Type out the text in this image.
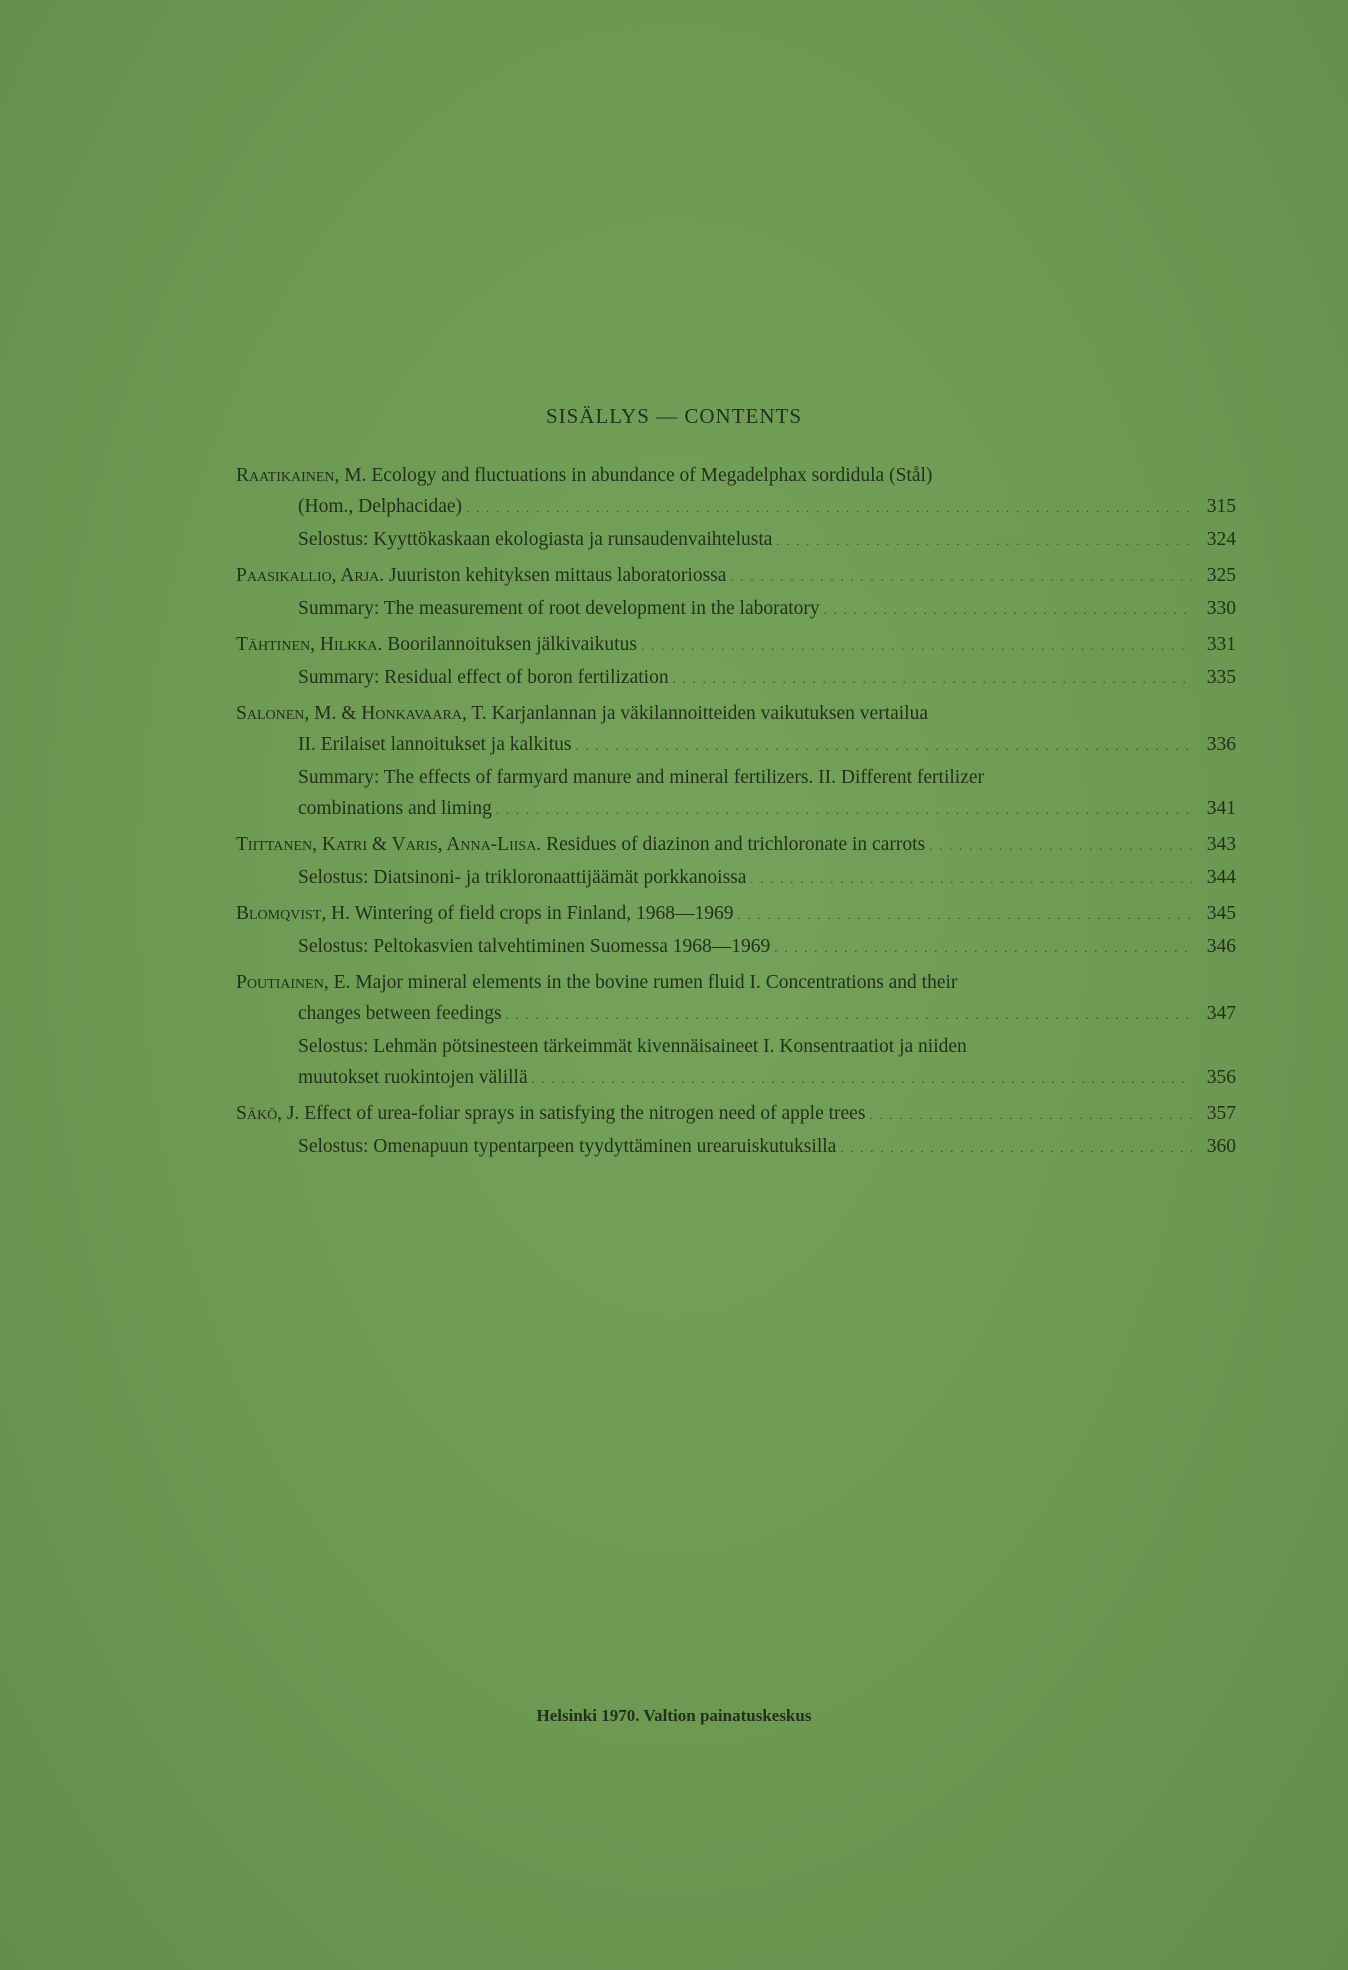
SISÄLLYS — CONTENTS
Raatikainen, M. Ecology and fluctuations in abundance of Megadelphax sordidula (Stål)
(Hom., Delphacidae) . . .	315
Selostus: Kyyttökaskaan ekologiasta ja runsaudenvaihtelusta . . .	324
Paasikallio, Arja. Juuriston kehityksen mittaus laboratoriossa . . .	325
Summary: The measurement of root development in the laboratory . . .	330
Tähtinen, Hilkka. Boorilannoituksen jälkivaikutus . . .	331
Summary: Residual effect of boron fertilization . . .	335
Salonen, M. & Honkavaara, T. Karjanlannan ja väkilannoitteiden vaikutuksen vertailua
II. Erilaiset lannoitukset ja kalkitus . . .	336
Summary: The effects of farmyard manure and mineral fertilizers. II. Different fertilizer
combinations and liming . . .	341
Tiittanen, Katri & Varis, Anna-Liisa. Residues of diazinon and trichloronate in carrots . . .	343
Selostus: Diatsinoni- ja trikloronaattijäämät porkkanoissa . . .	344
Blomqvist, H. Wintering of field crops in Finland, 1968—1969 . . .	345
Selostus: Peltokasvien talvehtiminen Suomessa 1968—1969 . . .	346
Poutiainen, E. Major mineral elements in the bovine rumen fluid I. Concentrations and their
changes between feedings . . .	347
Selostus: Lehmän pötsinesteen tärkeimmät kivennäisaineet I. Konsentraatiot ja niiden
muutokset ruokintojen välillä . . .	356
Säkö, J. Effect of urea-foliar sprays in satisfying the nitrogen need of apple trees . . .	357
Selostus: Omenapuun typentarpeen tyydyttäminen urearuiskutuksilla . . .	360
Helsinki 1970. Valtion painatuskeskus
